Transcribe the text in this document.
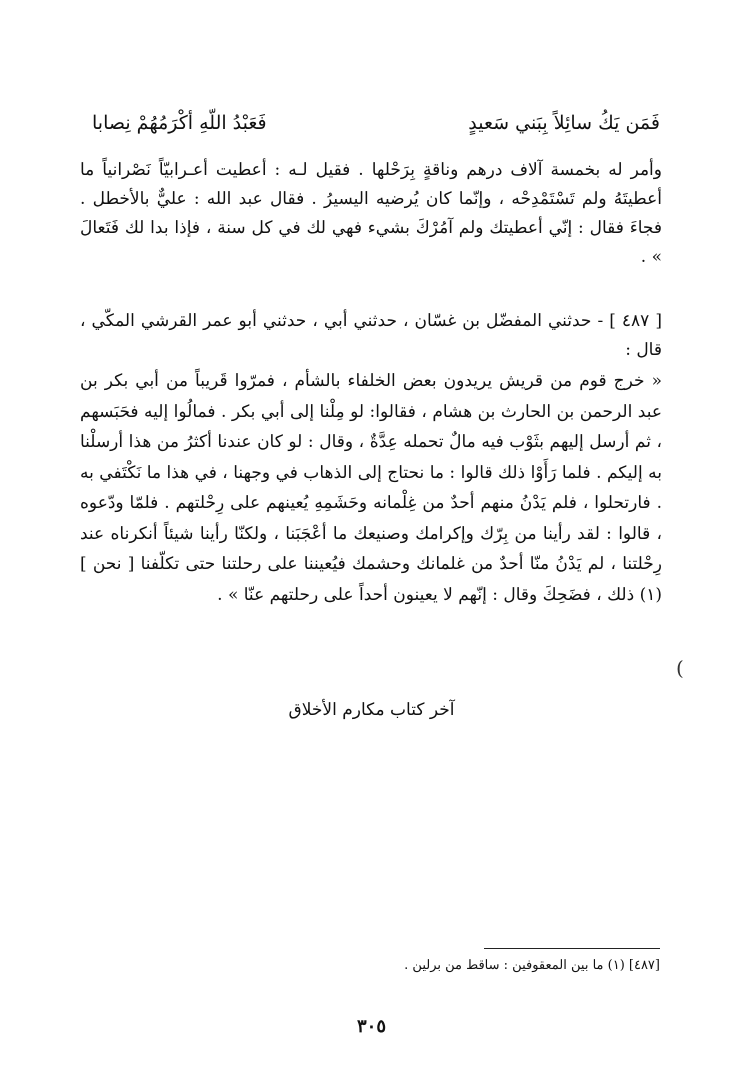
فَمَن يَكُ سائِلاً بِبَني سَعيدٍ
فَعَبْدُ اللّهِ أكْرَمُهُمْ نِصابا

وأمر له بخمسة آلاف درهم وناقةٍ بِرَحْلها . فقيل لـه : أعطيت أعـرابيّاً نَصْرانياً ما أعطيتَهُ ولم تَسْتَمْدِحْه ، وإنّما كان يُرضيه اليسيرُ . فقال عبد الله : عليٌّ بالأخطل . فجاءَ فقال : إنّي أعطيتك ولم آمُرْكَ بشيء فهي لك في كل سنة ، فإذا بدا لك فَتَعالَ » .

[ ٤٨٧ ] - حدثني المفضّل بن غسّان ، حدثني أبي ، حدثني أبو عمر القرشي المكّي ، قال :

« خرج قوم من قريش يريدون بعض الخلفاء بالشأم ، فمرّوا قَريباً من أبي بكر بن عبد الرحمن بن الحارث بن هشام ، فقالوا: لو مِلْنا إلى أبي بكر . فمالُوا إليه فحَبَسهم ، ثم أرسل إليهم بثَوْب فيه مالٌ تحمله عِدَّةٌ ، وقال : لو كان عندنا أكثرُ من هذا أرسلْنا به إليكم . فلما رَأَوْا ذلك قالوا : ما نحتاج إلى الذهاب في وجهنا ، في هذا ما نَكْتَفي به . فارتحلوا ، فلم يَدْنُ منهم أحدٌ من غِلْمانه وحَشَمِهِ يُعينهم على رِحْلتهم . فلمّا ودّعوه ، قالوا : لقد رأينا من بِرّك وإكرامك وصنيعك ما أعْجَبَنا ، ولكنّا رأينا شيئاً أنكرناه عند رِحْلتنا ، لم يَدْنُ منّا أحدٌ من غلمانك وحشمك فيُعيننا على رحلتنا حتى تكلّفنا [ نحن ](١) ذلك ، فضَحِكَ وقال : إنّهم لا يعينون أحداً على رحلتهم عنّا » .

(
آخر كتاب مكارم الأخلاق
[٤٨٧] (١) ما بين المعقوفين : ساقط من برلين .
٣٠٥
